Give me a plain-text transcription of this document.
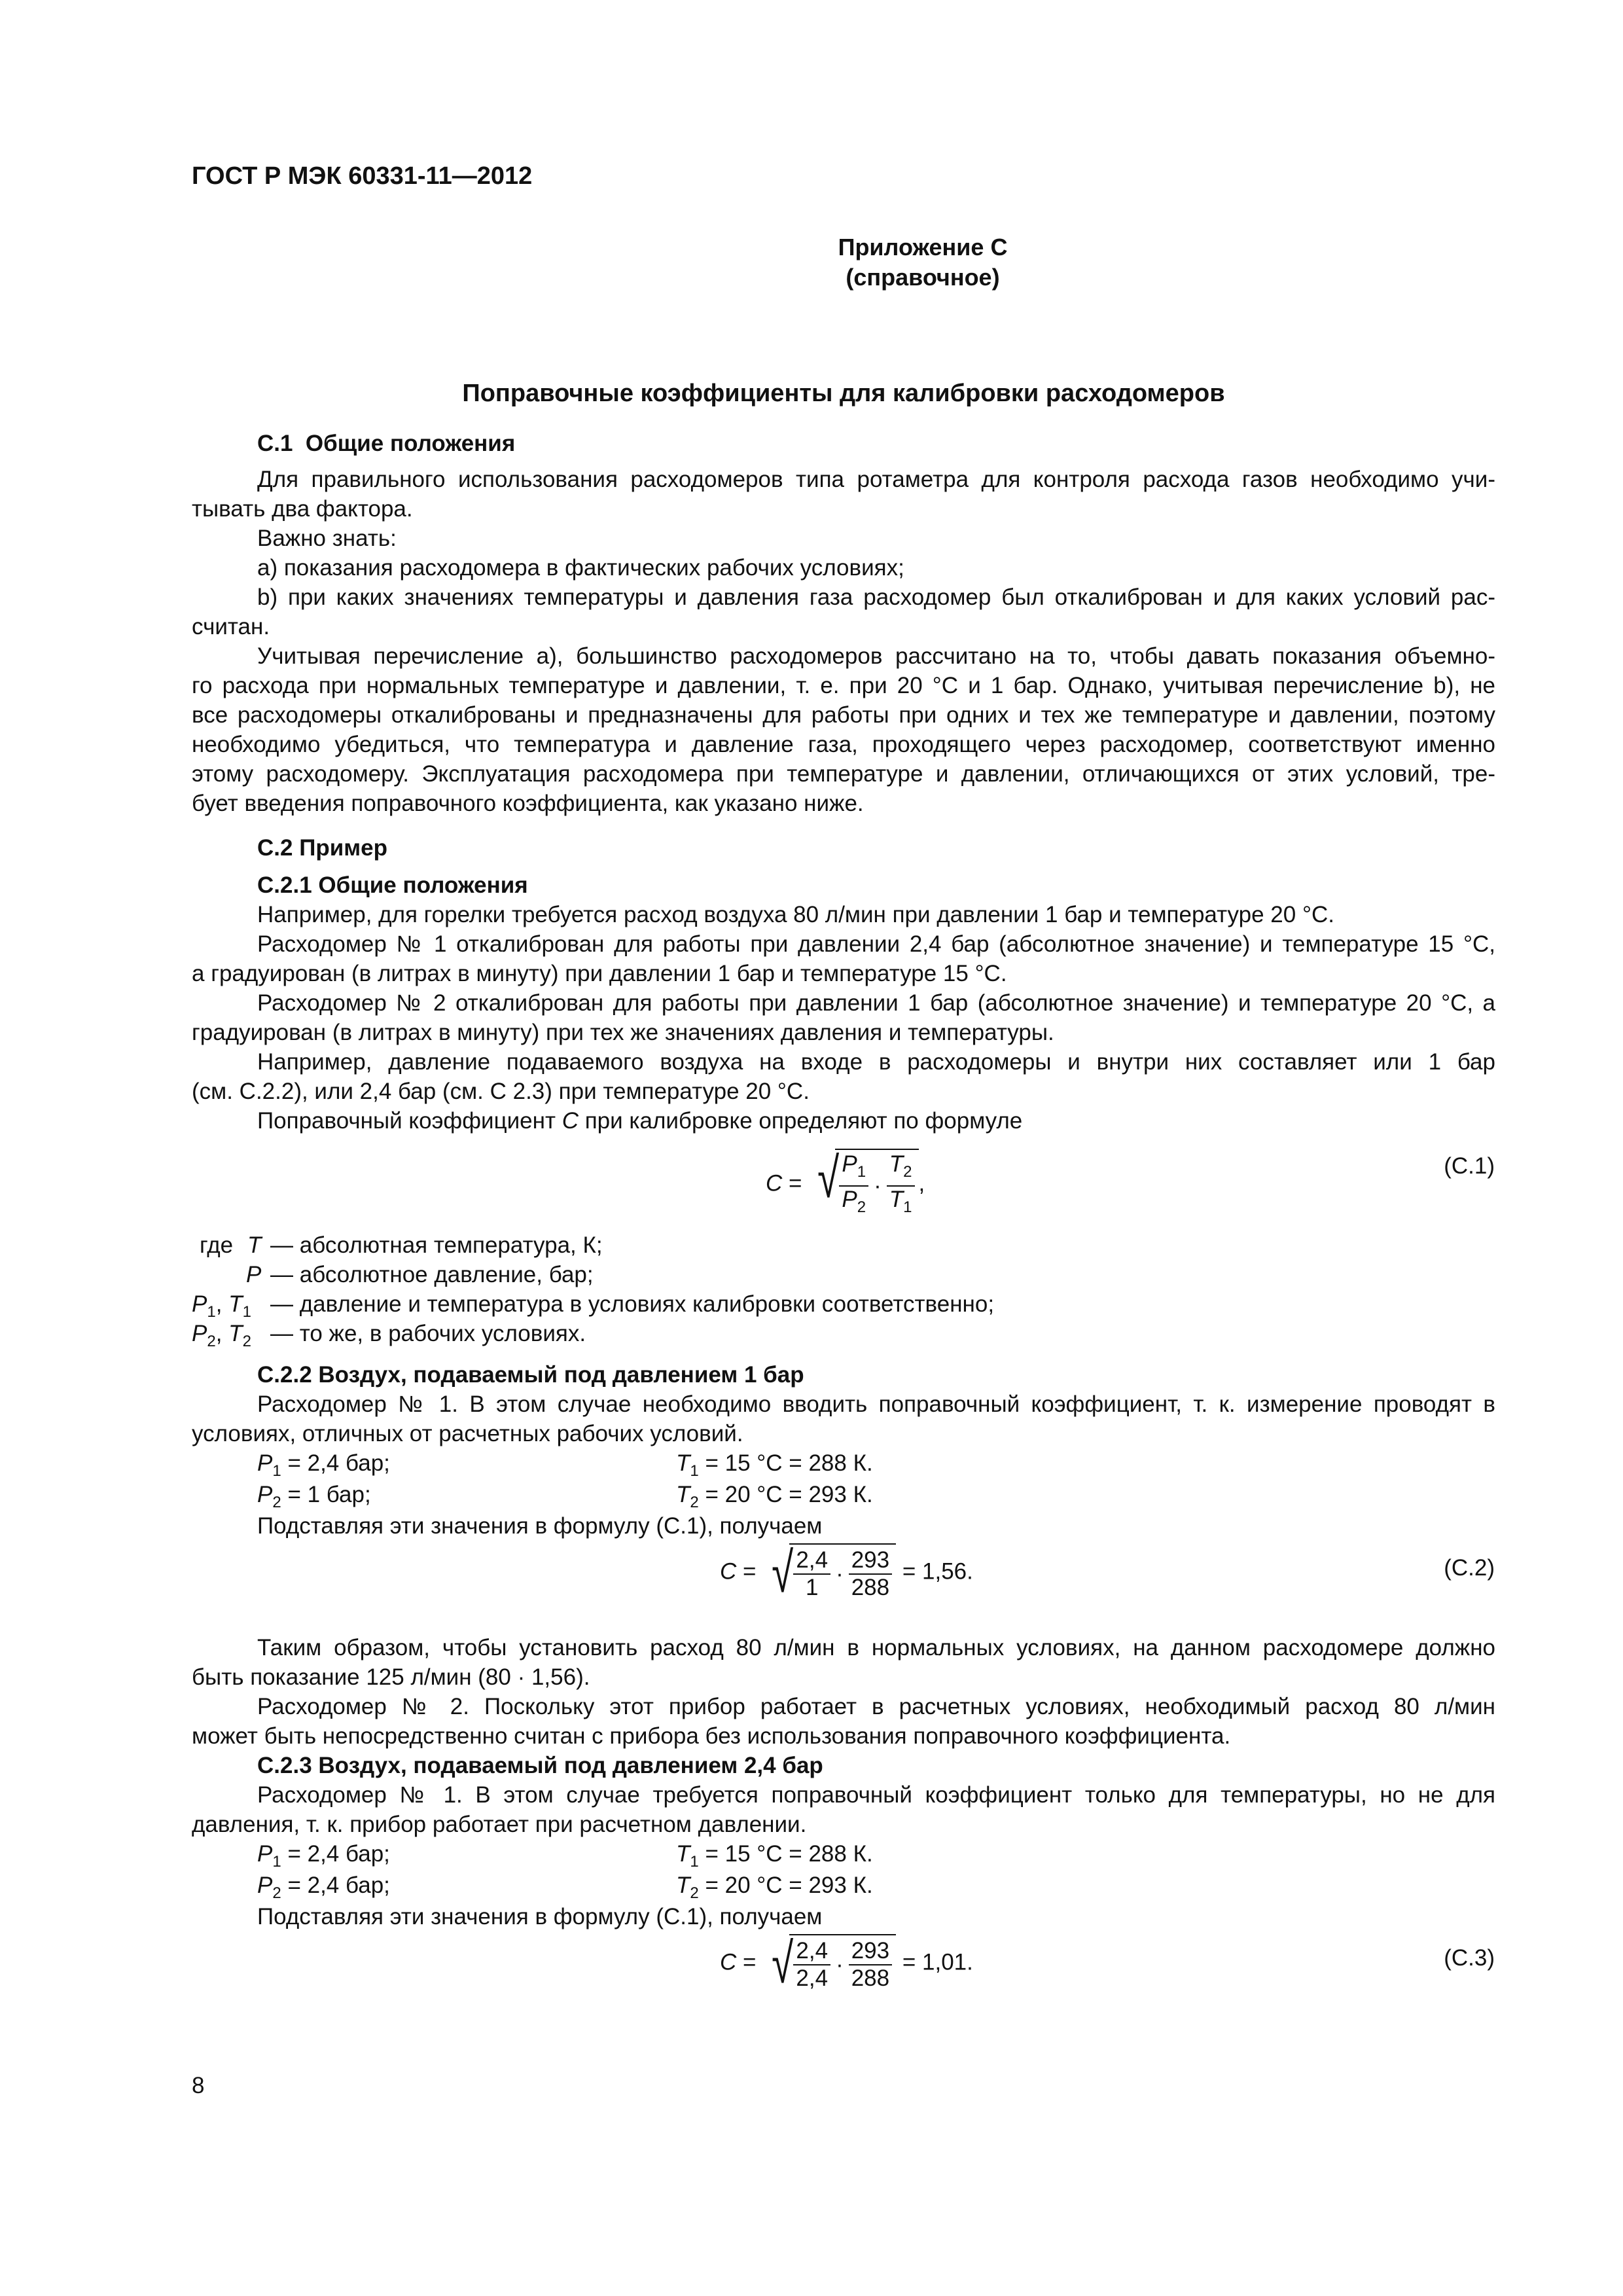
ГОСТ Р МЭК 60331-11—2012
Приложение С
(справочное)
Поправочные коэффициенты для калибровки расходомеров
С.1 Общие положения
Для правильного использования расходомеров типа ротаметра для контроля расхода газов необходимо учи-
тывать два фактора.
Важно знать:
а) показания расходомера в фактических рабочих условиях;
b) при каких значениях температуры и давления газа расходомер был откалиброван и для каких условий рас-
считан.
Учитывая перечисление а), большинство расходомеров рассчитано на то, чтобы давать показания объемно-
го расхода при нормальных температуре и давлении, т. е. при 20 °С и 1 бар. Однако, учитывая перечисление b), не
все расходомеры откалиброваны и предназначены для работы при одних и тех же температуре и давлении, поэтому
необходимо убедиться, что температура и давление газа, проходящего через расходомер, соответствуют именно
этому расходомеру. Эксплуатация расходомера при температуре и давлении, отличающихся от этих условий, тре-
бует введения поправочного коэффициента, как указано ниже.
С.2 Пример
С.2.1 Общие положения
Например, для горелки требуется расход воздуха 80 л/мин при давлении 1 бар и температуре 20 °С.
Расходомер № 1 откалиброван для работы при давлении 2,4 бар (абсолютное значение) и температуре 15 °С,
а градуирован (в литрах в минуту) при давлении 1 бар и температуре 15 °С.
Расходомер № 2 откалиброван для работы при давлении 1 бар (абсолютное значение) и температуре 20 °С, а
градуирован (в литрах в минуту) при тех же значениях давления и температуры.
Например, давление подаваемого воздуха на входе в расходомеры и внутри них составляет или 1 бар
(см. С.2.2), или 2,4 бар (см. С 2.3) при температуре 20 °С.
Поправочный коэффициент С при калибровке определяют по формуле
С = √ $\frac{Р_1}{Р_2} \cdot \frac{Т_2}{Т_1}$ ,
(С.1)
где Т — абсолютная температура, К;
Р — абсолютное давление, бар;
$Р_1$, $Т_1$ — давление и температура в условиях калибровки соответственно;
$Р_2$, $Т_2$ — то же, в рабочих условиях.
С.2.2 Воздух, подаваемый под давлением 1 бар
Расходомер № 1. В этом случае необходимо вводить поправочный коэффициент, т. к. измерение проводят в
условиях, отличных от расчетных рабочих условий.
$Р_1 = 2,4$ бар;	$Т_1 = 15$ °С = 288 К.
$Р_2 = 1$ бар;	$Т_2 = 20$ °С = 293 К.
Подставляя эти значения в формулу (С.1), получаем
С = √ $\frac{2,4}{1} \cdot \frac{293}{288} = 1,56$.	(С.2)
Таким образом, чтобы установить расход 80 л/мин в нормальных условиях, на данном расходомере должно
быть показание 125 л/мин (80 · 1,56).
Расходомер № 2. Поскольку этот прибор работает в расчетных условиях, необходимый расход 80 л/мин
может быть непосредственно считан с прибора без использования поправочного коэффициента.
С.2.3 Воздух, подаваемый под давлением 2,4 бар
Расходомер № 1. В этом случае требуется поправочный коэффициент только для температуры, но не для
давления, т. к. прибор работает при расчетном давлении.
$Р_1 = 2,4$ бар;	$Т_1 = 15$ °С = 288 К.
$Р_2 = 2,4$ бар;	$Т_2 = 20$ °С = 293 К.
Подставляя эти значения в формулу (С.1), получаем
С = √ $\frac{2,4}{2,4} \cdot \frac{293}{288} = 1,01$.	(С.3)
8
